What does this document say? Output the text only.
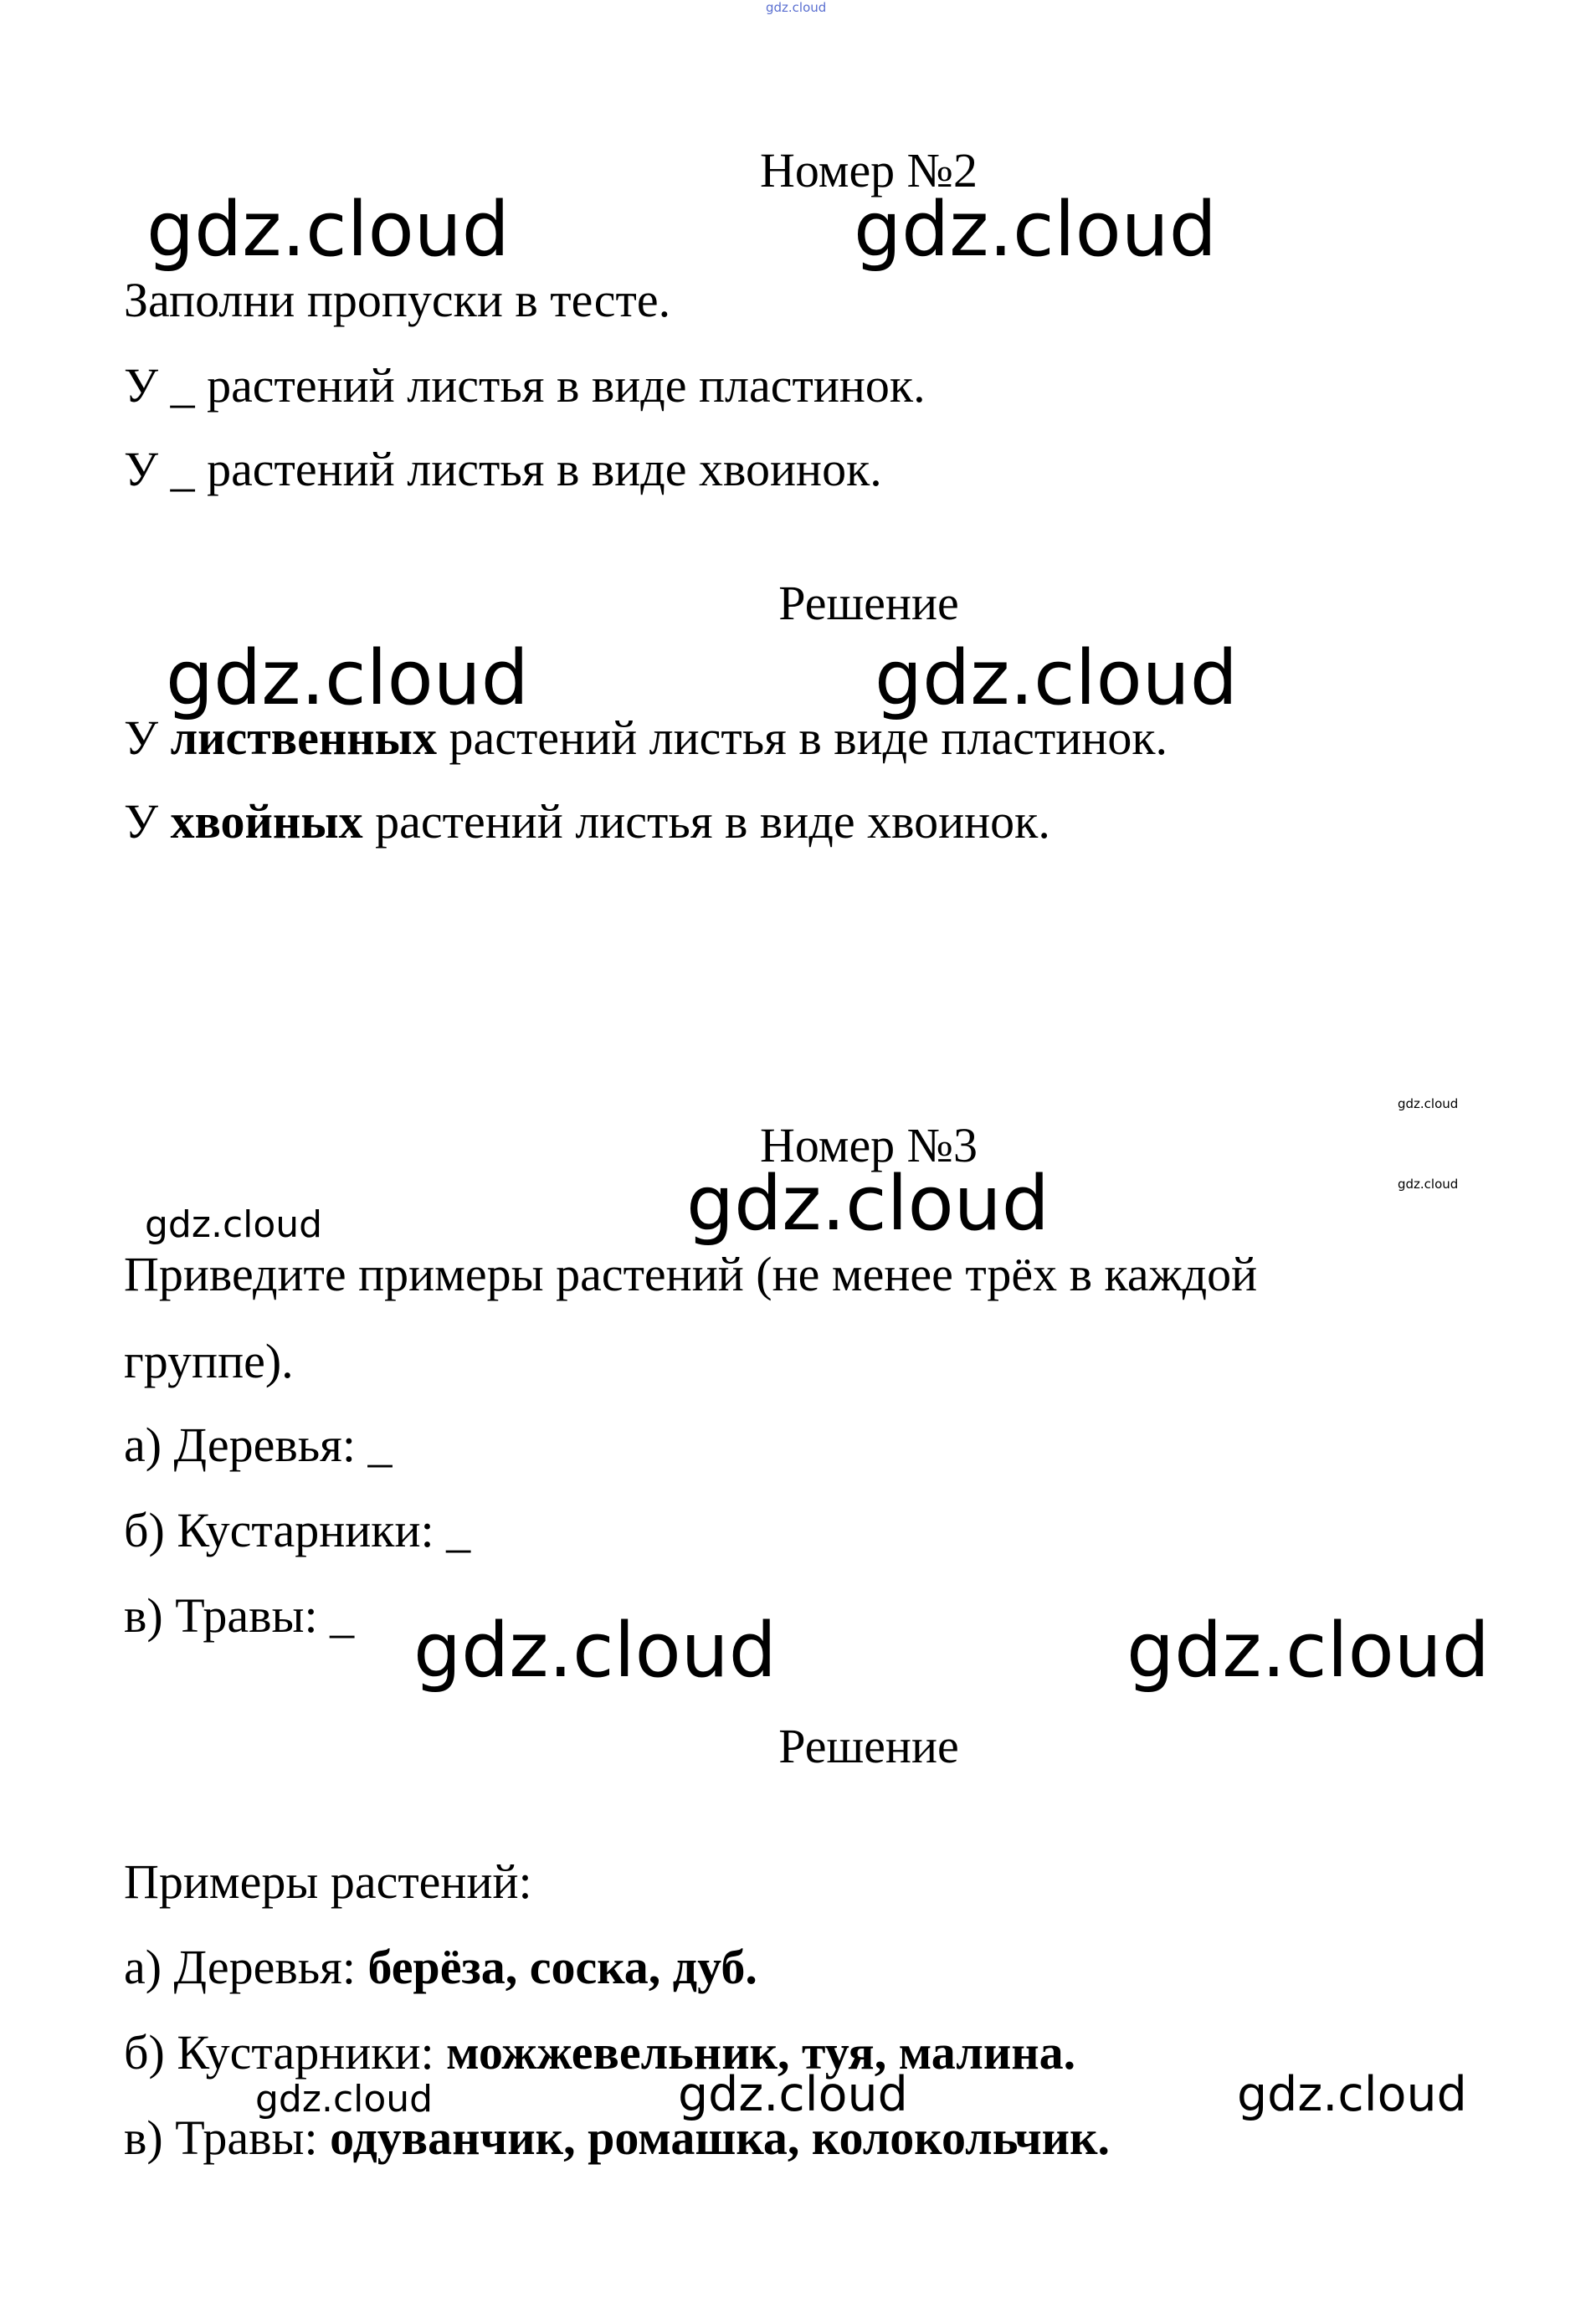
gdz.cloud
Номер №2
Заполни пропуски в тесте.
У _ растений листья в виде пластинок.
У _ растений листья в виде хвоинок.
Решение
У лиственных растений листья в виде пластинок.
У хвойных растений листья в виде хвоинок.
Номер №3
Приведите примеры растений (не менее трёх в каждой
группе).
а) Деревья: _
б) Кустарники: _
в) Травы: _
Решение
Примеры растений:
а) Деревья: берёза, соска, дуб.
б) Кустарники: можжевельник, туя, малина.
в) Травы: одуванчик, ромашка, колокольчик.
gdz.cloud	gdz.cloud
gdz.cloud	gdz.cloud
gdz.cloud
gdz.cloud
gdz.cloud	gdz.cloud
gdz.cloud	gdz.cloud
gdz.cloud	gdz.cloud	gdz.cloud
